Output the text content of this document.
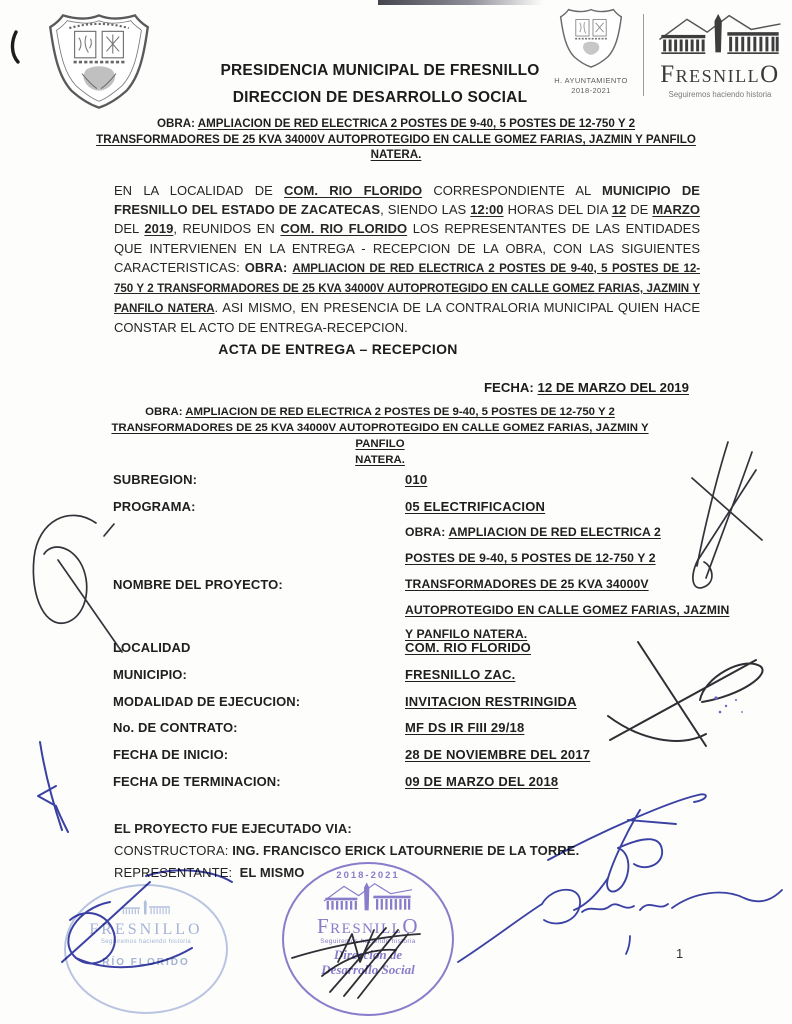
PRESIDENCIA MUNICIPAL DE FRESNILLO
DIRECCION DE DESARROLLO SOCIAL
H. AYUNTAMIENTO
2018-2021
FRESNILLO
Seguiremos haciendo historia
OBRA: AMPLIACION DE RED ELECTRICA 2 POSTES DE 9-40, 5 POSTES DE 12-750 Y 2
TRANSFORMADORES DE 25 KVA 34000V AUTOPROTEGIDO EN CALLE GOMEZ FARIAS, JAZMIN Y PANFILO
NATERA.
EN LA LOCALIDAD DE COM. RIO FLORIDO CORRESPONDIENTE AL MUNICIPIO DE
FRESNILLO DEL ESTADO DE ZACATECAS, SIENDO LAS 12:00 HORAS DEL DIA 12 DE MARZO
DEL 2019, REUNIDOS EN COM. RIO FLORIDO LOS REPRESENTANTES DE LAS ENTIDADES
QUE INTERVIENEN EN LA ENTREGA - RECEPCION DE LA OBRA, CON LAS SIGUIENTES
CARACTERISTICAS: OBRA: AMPLIACION DE RED ELECTRICA 2 POSTES DE 9-40, 5 POSTES DE 12-
750 Y 2 TRANSFORMADORES DE 25 KVA 34000V AUTOPROTEGIDO EN CALLE GOMEZ FARIAS, JAZMIN Y
PANFILO NATERA. ASI MISMO, EN PRESENCIA DE LA CONTRALORIA MUNICIPAL QUIEN HACE
CONSTAR EL ACTO DE ENTREGA-RECEPCION.
ACTA DE ENTREGA – RECEPCION
FECHA: 12 DE MARZO DEL 2019
OBRA: AMPLIACION DE RED ELECTRICA 2 POSTES DE 9-40, 5 POSTES DE 12-750 Y 2
TRANSFORMADORES DE 25 KVA 34000V AUTOPROTEGIDO EN CALLE GOMEZ FARIAS, JAZMIN Y PANFILO
NATERA.
SUBREGION:	010
PROGRAMA:	05 ELECTRIFICACION
NOMBRE DEL PROYECTO:
OBRA: AMPLIACION DE RED ELECTRICA 2
POSTES DE 9-40, 5 POSTES DE 12-750 Y 2
TRANSFORMADORES DE 25 KVA 34000V
AUTOPROTEGIDO EN CALLE GOMEZ FARIAS, JAZMIN
Y PANFILO NATERA.
LOCALIDAD	COM. RIO FLORIDO
MUNICIPIO:	FRESNILLO ZAC.
MODALIDAD DE EJECUCION:	INVITACION RESTRINGIDA
No. DE CONTRATO:	MF DS IR FIII 29/18
FECHA DE INICIO:	28 DE NOVIEMBRE DEL 2017
FECHA DE TERMINACION:	09 DE MARZO DEL 2018
EL PROYECTO FUE EJECUTADO VIA:
CONSTRUCTORA: ING. FRANCISCO ERICK LATOURNERIE DE LA TORRE.
REPRESENTANTE: EL MISMO
1
FRESNILLO
Seguiremos haciendo historia
RÍO FLORIDO
2018-2021
FRESNILLO
Seguiremos haciendo historia
Dirección de
Desarrollo Social
